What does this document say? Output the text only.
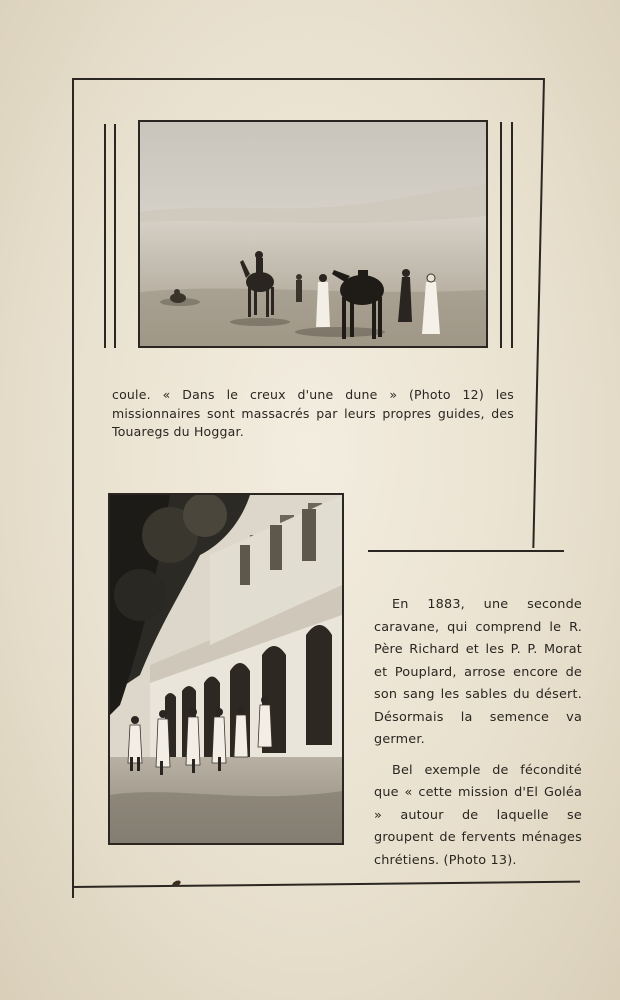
coule. « Dans le creux d'une dune » (Photo 12) les missionnaires sont massacrés par leurs propres guides, des Touaregs du Hoggar.

En 1883, une seconde caravane, qui comprend le R. Père Richard et les P. P. Morat et Pouplard, arrose encore de son sang les sables du désert. Désormais la semence va germer.

Bel exemple de fécondité que « cette mission d'El Goléa » autour de laquelle se groupent de fervents ménages chrétiens. (Photo 13).
